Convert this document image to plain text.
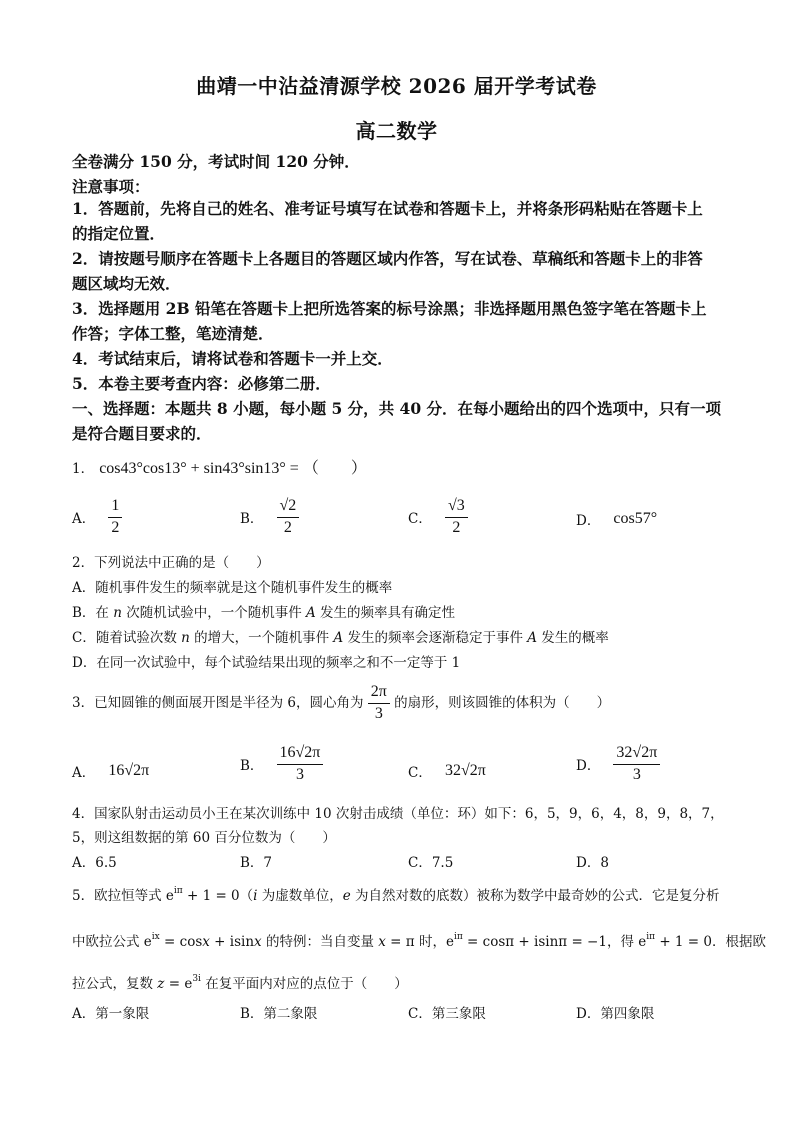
曲靖一中沾益清源学校 2026 届开学考试卷
高二数学
全卷满分 150 分，考试时间 120 分钟．
注意事项：
1．答题前，先将自己的姓名、准考证号填写在试卷和答题卡上，并将条形码粘贴在答题卡上
的指定位置．
2．请按题号顺序在答题卡上各题目的答题区域内作答，写在试卷、草稿纸和答题卡上的非答
题区域均无效．
3．选择题用 2B 铅笔在答题卡上把所选答案的标号涂黑；非选择题用黑色签字笔在答题卡上
作答；字体工整，笔迹清楚．
4．考试结束后，请将试卷和答题卡一并上交．
5．本卷主要考查内容：必修第二册．
一、选择题：本题共 8 小题，每小题 5 分，共 40 分．在每小题给出的四个选项中，只有一项
是符合题目要求的．
1． cos43°cos13° + sin43°sin13° = （　　）
A． $\frac{1}{2}$	B． $\frac{√2}{2}$	C． $\frac{√3}{2}$	D． cos57°
2．下列说法中正确的是（　　）
A．随机事件发生的频率就是这个随机事件发生的概率
B．在 n 次随机试验中，一个随机事件 A 发生的频率具有确定性
C．随着试验次数 n 的增大，一个随机事件 A 发生的频率会逐渐稳定于事件 A 发生的概率
D．在同一次试验中，每个试验结果出现的频率之和不一定等于 1
3．已知圆锥的侧面展开图是半径为 6，圆心角为 $\frac{2\pi}{3}$ 的扇形，则该圆锥的体积为（　　）
A． 16√2π	B． $\frac{16√2\pi}{3}$	C． 32√2π	D． $\frac{32√2\pi}{3}$
4．国家队射击运动员小王在某次训练中 10 次射击成绩（单位：环）如下：6，5，9，6，4，8，9，8，7，
5，则这组数据的第 60 百分位数为（　　）
A．6.5	B．7	C．7.5	D．8
5．欧拉恒等式 $e^{i\pi} + 1 = 0(i$ 为虚数单位，e 为自然对数的底数）被称为数学中最奇妙的公式．它是复分析
中欧拉公式 $e^{ix} = \cos x + isinx$ 的特例：当自变量 x = π 时，$e^{i\pi} = \cos\pi + isin\pi = -1$，得 $e^{i\pi} + 1 = 0$．根据欧
拉公式，复数 $z = e^{3i}$ 在复平面内对应的点位于（　　）
A．第一象限	B．第二象限	C．第三象限	D．第四象限
